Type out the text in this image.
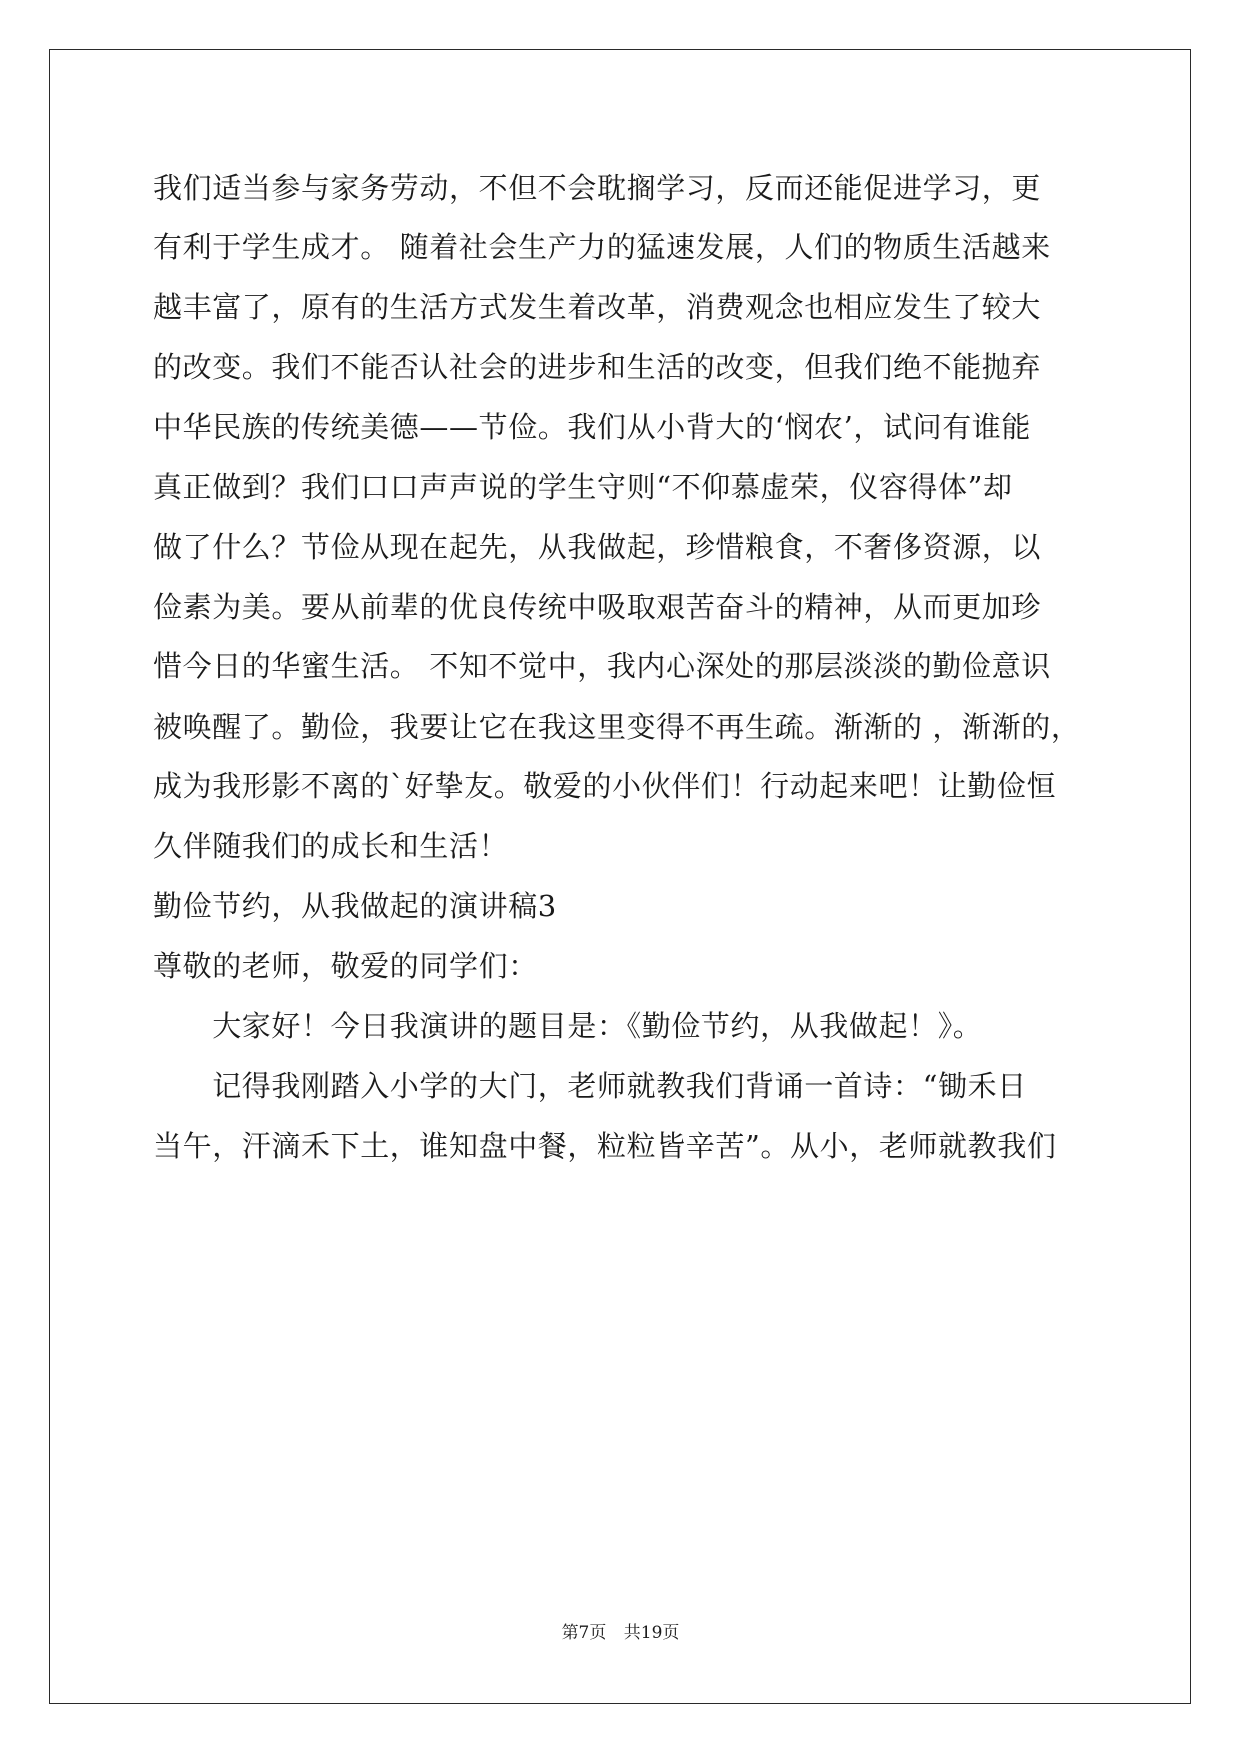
我们适当参与家务劳动，不但不会耽搁学习，反而还能促进学习，更
有利于学生成才。 随着社会生产力的猛速发展，人们的物质生活越来
越丰富了，原有的生活方式发生着改革，消费观念也相应发生了较大
的改变。我们不能否认社会的进步和生活的改变，但我们绝不能抛弃
中华民族的传统美德——节俭。我们从小背大的‘悯农’，试问有谁能
真正做到？我们口口声声说的学生守则“不仰慕虚荣，仪容得体”却
做了什么？节俭从现在起先，从我做起，珍惜粮食，不奢侈资源，以
俭素为美。要从前辈的优良传统中吸取艰苦奋斗的精神，从而更加珍
惜今日的华蜜生活。 不知不觉中，我内心深处的那层淡淡的勤俭意识
被唤醒了。勤俭，我要让它在我这里变得不再生疏。渐渐的 ，渐渐的，
成为我形影不离的`好挚友。敬爱的小伙伴们！行动起来吧！让勤俭恒
久伴随我们的成长和生活！
勤俭节约，从我做起的演讲稿3
尊敬的老师，敬爱的同学们：
　　大家好！今日我演讲的题目是：《勤俭节约，从我做起！》。
　　记得我刚踏入小学的大门，老师就教我们背诵一首诗：“锄禾日
当午，汗滴禾下土，谁知盘中餐，粒粒皆辛苦”。从小，老师就教我们
第7页 共19页
